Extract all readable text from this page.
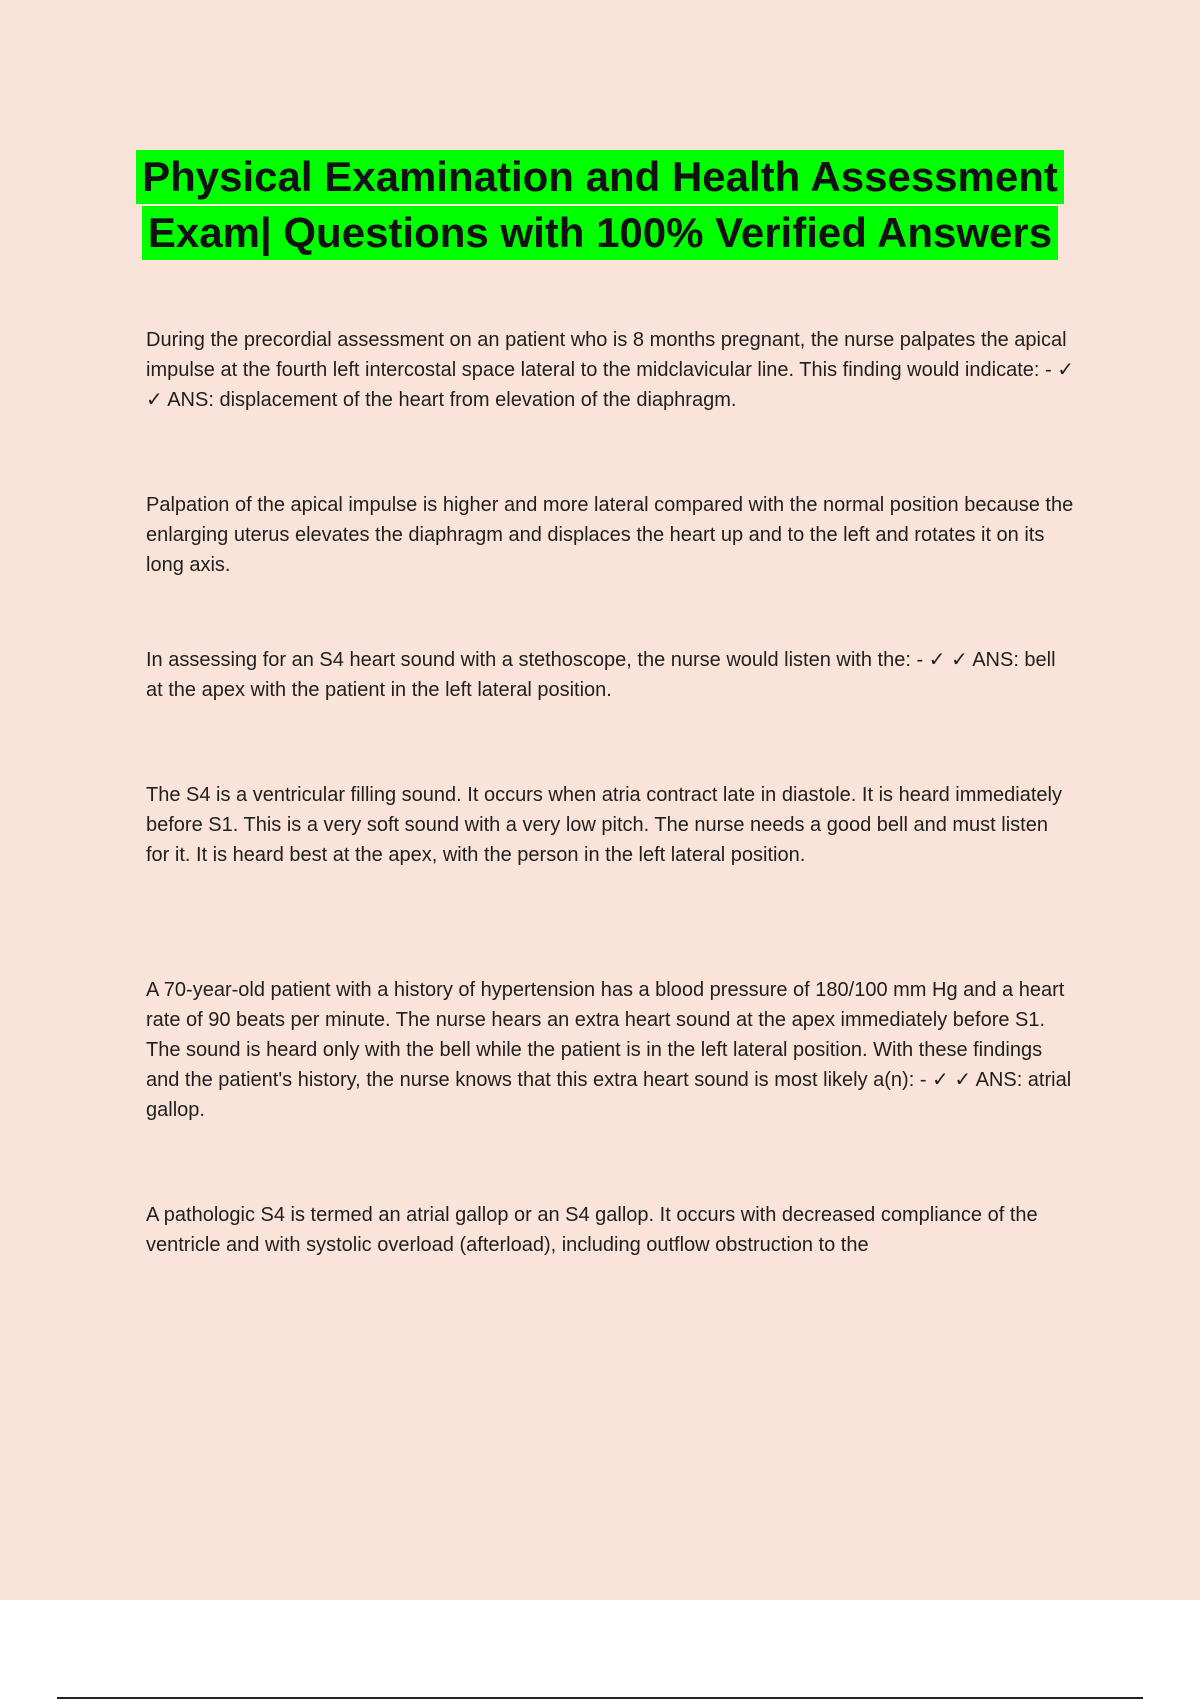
Physical Examination and Health Assessment
Exam| Questions with 100% Verified Answers

During the precordial assessment on an patient who is 8 months pregnant, the nurse palpates the apical impulse at the fourth left intercostal space lateral to the midclavicular line. This finding would indicate: - ✓ ✓ ANS: displacement of the heart from elevation of the diaphragm.

Palpation of the apical impulse is higher and more lateral compared with the normal position because the enlarging uterus elevates the diaphragm and displaces the heart up and to the left and rotates it on its long axis.

In assessing for an S4 heart sound with a stethoscope, the nurse would listen with the: - ✓ ✓ ANS: bell at the apex with the patient in the left lateral position.

The S4 is a ventricular filling sound. It occurs when atria contract late in diastole. It is heard immediately before S1. This is a very soft sound with a very low pitch. The nurse needs a good bell and must listen for it. It is heard best at the apex, with the person in the left lateral position.

A 70-year-old patient with a history of hypertension has a blood pressure of 180/100 mm Hg and a heart rate of 90 beats per minute. The nurse hears an extra heart sound at the apex immediately before S1. The sound is heard only with the bell while the patient is in the left lateral position. With these findings and the patient's history, the nurse knows that this extra heart sound is most likely a(n): - ✓ ✓ ANS: atrial gallop.

A pathologic S4 is termed an atrial gallop or an S4 gallop. It occurs with decreased compliance of the ventricle and with systolic overload (afterload), including outflow obstruction to the
